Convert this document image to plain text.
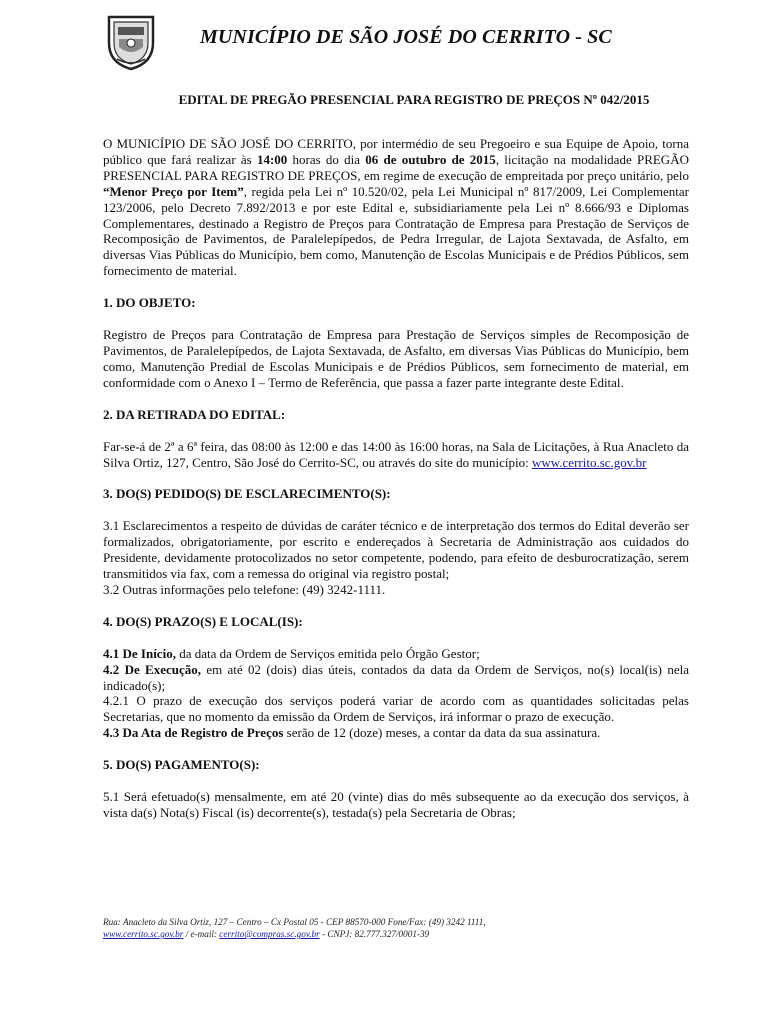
MUNICÍPIO DE SÃO JOSÉ DO CERRITO - SC
EDITAL DE PREGÃO PRESENCIAL PARA REGISTRO DE PREÇOS Nº 042/2015

O MUNICÍPIO DE SÃO JOSÉ DO CERRITO, por intermédio de seu Pregoeiro e sua Equipe de Apoio, torna público que fará realizar às 14:00 horas do dia 06 de outubro de 2015, licitação na modalidade PREGÃO PRESENCIAL PARA REGISTRO DE PREÇOS, em regime de execução de empreitada por preço unitário, pelo “Menor Preço por Item”, regida pela Lei nº 10.520/02, pela Lei Municipal nº 817/2009, Lei Complementar 123/2006, pelo Decreto 7.892/2013 e por este Edital e, subsidiariamente pela Lei nº 8.666/93 e Diplomas Complementares, destinado a Registro de Preços para Contratação de Empresa para Prestação de Serviços de Recomposição de Pavimentos, de Paralelepípedos, de Pedra Irregular, de Lajota Sextavada, de Asfalto, em diversas Vias Públicas do Município, bem como, Manutenção de Escolas Municipais e de Prédios Públicos, sem fornecimento de material.

1. DO OBJETO:

Registro de Preços para Contratação de Empresa para Prestação de Serviços simples de Recomposição de Pavimentos, de Paralelepípedos, de Lajota Sextavada, de Asfalto, em diversas Vias Públicas do Município, bem como, Manutenção Predial de Escolas Municipais e de Prédios Públicos, sem fornecimento de material, em conformidade com o Anexo I – Termo de Referência, que passa a fazer parte integrante deste Edital.

2. DA RETIRADA DO EDITAL:

Far-se-á de 2ª a 6ª feira, das 08:00 às 12:00 e das 14:00 às 16:00 horas, na Sala de Licitações, à Rua Anacleto da Silva Ortiz, 127, Centro, São José do Cerrito-SC, ou através do site do município: www.cerrito.sc.gov.br

3. DO(S) PEDIDO(S) DE ESCLARECIMENTO(S):

3.1 Esclarecimentos a respeito de dúvidas de caráter técnico e de interpretação dos termos do Edital deverão ser formalizados, obrigatoriamente, por escrito e endereçados à Secretaria de Administração aos cuidados do Presidente, devidamente protocolizados no setor competente, podendo, para efeito de desburocratização, serem transmitidos via fax, com a remessa do original via registro postal;

3.2 Outras informações pelo telefone: (49) 3242-1111.

4. DO(S) PRAZO(S) E LOCAL(IS):

4.1 De Início, da data da Ordem de Serviços emitida pelo Órgão Gestor;

4.2 De Execução, em até 02 (dois) dias úteis, contados da data da Ordem de Serviços, no(s) local(is) nela indicado(s);

4.2.1 O prazo de execução dos serviços poderá variar de acordo com as quantidades solicitadas pelas Secretarias, que no momento da emissão da Ordem de Serviços, irá informar o prazo de execução.

4.3 Da Ata de Registro de Preços serão de 12 (doze) meses, a contar da data da sua assinatura.

5. DO(S) PAGAMENTO(S):

5.1 Será efetuado(s) mensalmente, em até 20 (vinte) dias do mês subsequente ao da execução dos serviços, à vista da(s) Nota(s) Fiscal (is) decorrente(s), testada(s) pela Secretaria de Obras;

Rua: Anacleto da Silva Ortiz, 127 – Centro – Cx Postal 05 - CEP 88570-000 Fone/Fax: (49) 3242 1111,
www.cerrito.sc.gov.br / e-mail: cerrito@compras.sc.gov.br - CNPJ: 82.777.327/0001-39
